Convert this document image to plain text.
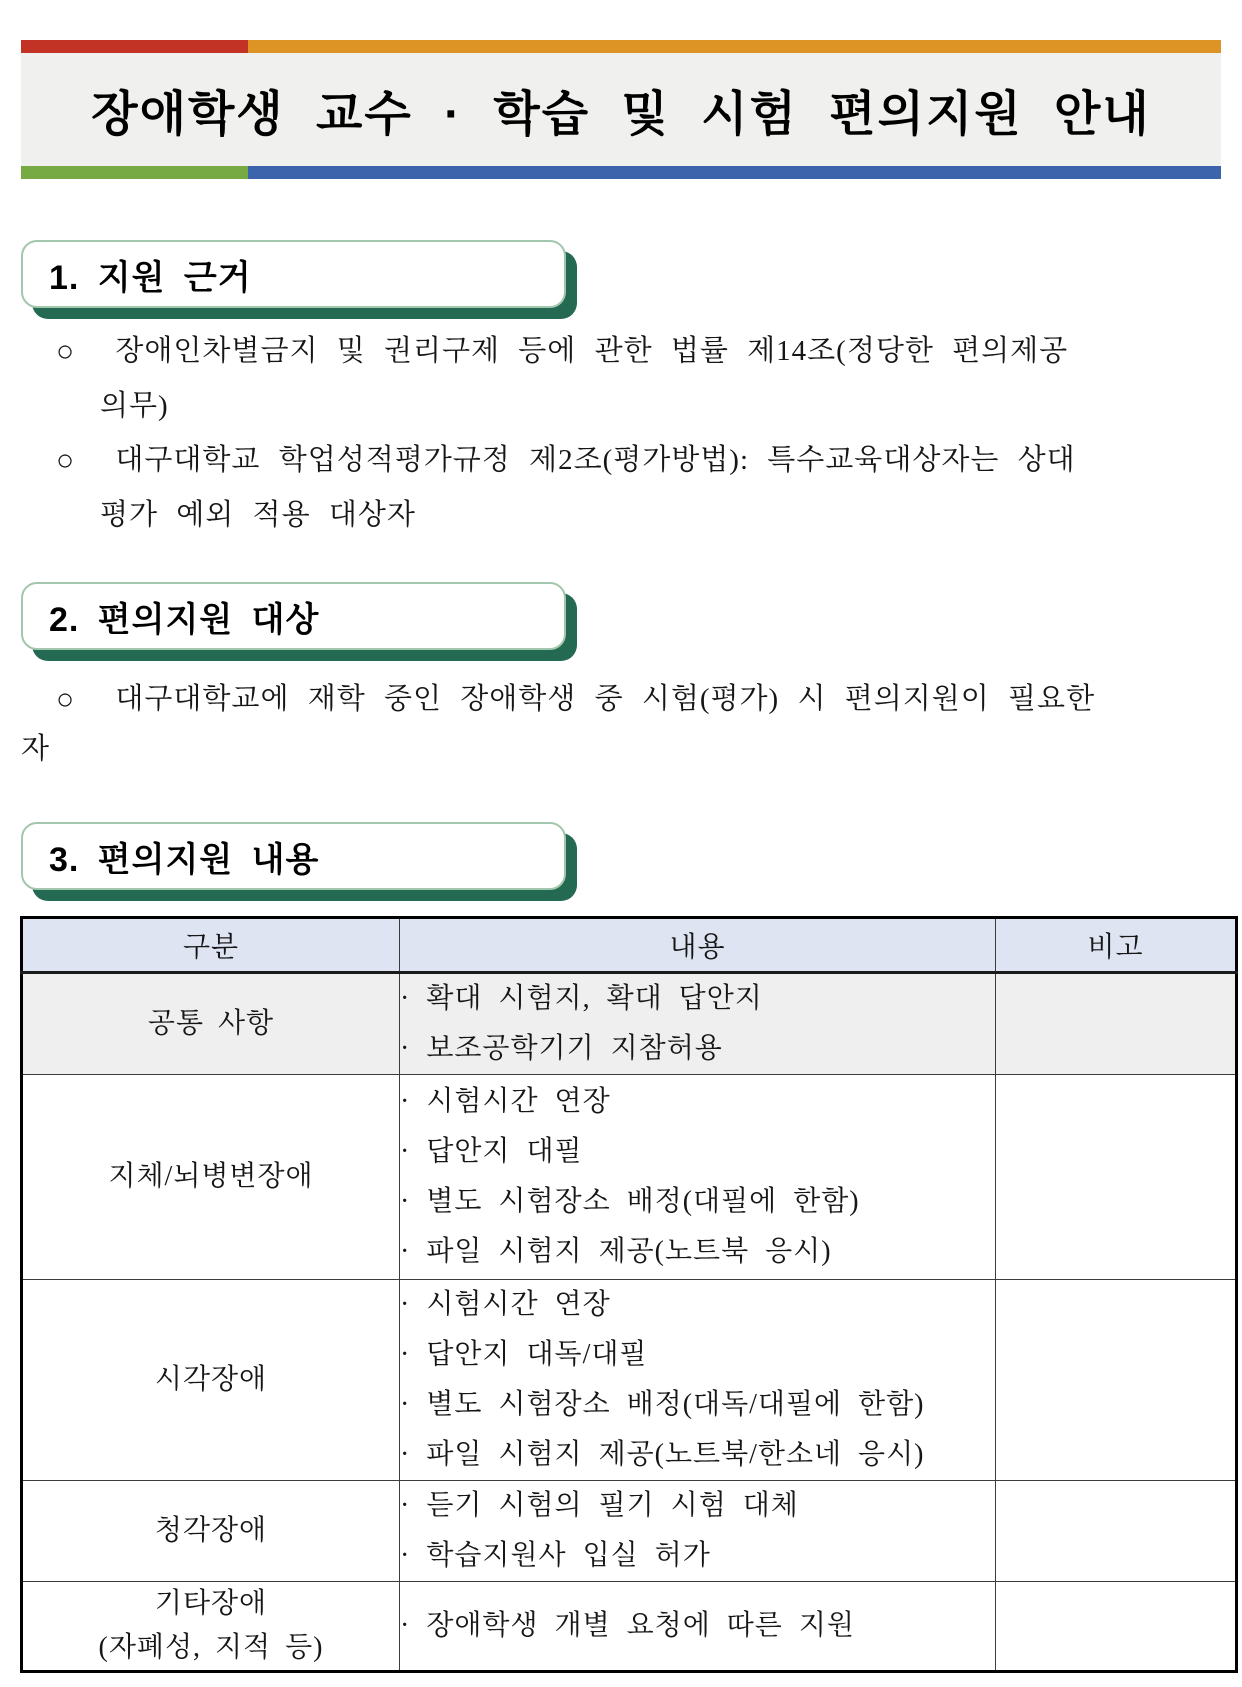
장애학생 교수 · 학습 및 시험 편의지원 안내
1. 지원 근거
○ 장애인차별금지 및 권리구제 등에 관한 법률 제14조(정당한 편의제공
의무)
○ 대구대학교 학업성적평가규정 제2조(평가방법): 특수교육대상자는 상대
평가 예외 적용 대상자
2. 편의지원 대상
○ 대구대학교에 재학 중인 장애학생 중 시험(평가) 시 편의지원이 필요한
자
3. 편의지원 내용
구분	내용	비고

공통 사항	· 확대 시험지, 확대 답안지
· 보조공학기기 지참허용	

지체/뇌병변장애	· 시험시간 연장
· 답안지 대필
· 별도 시험장소 배정(대필에 한함)
· 파일 시험지 제공(노트북 응시)	

시각장애	· 시험시간 연장
· 답안지 대독/대필
· 별도 시험장소 배정(대독/대필에 한함)
· 파일 시험지 제공(노트북/한소네 응시)	

청각장애	· 듣기 시험의 필기 시험 대체
· 학습지원사 입실 허가	

기타장애
(자폐성, 지적 등)	· 장애학생 개별 요청에 따른 지원	
